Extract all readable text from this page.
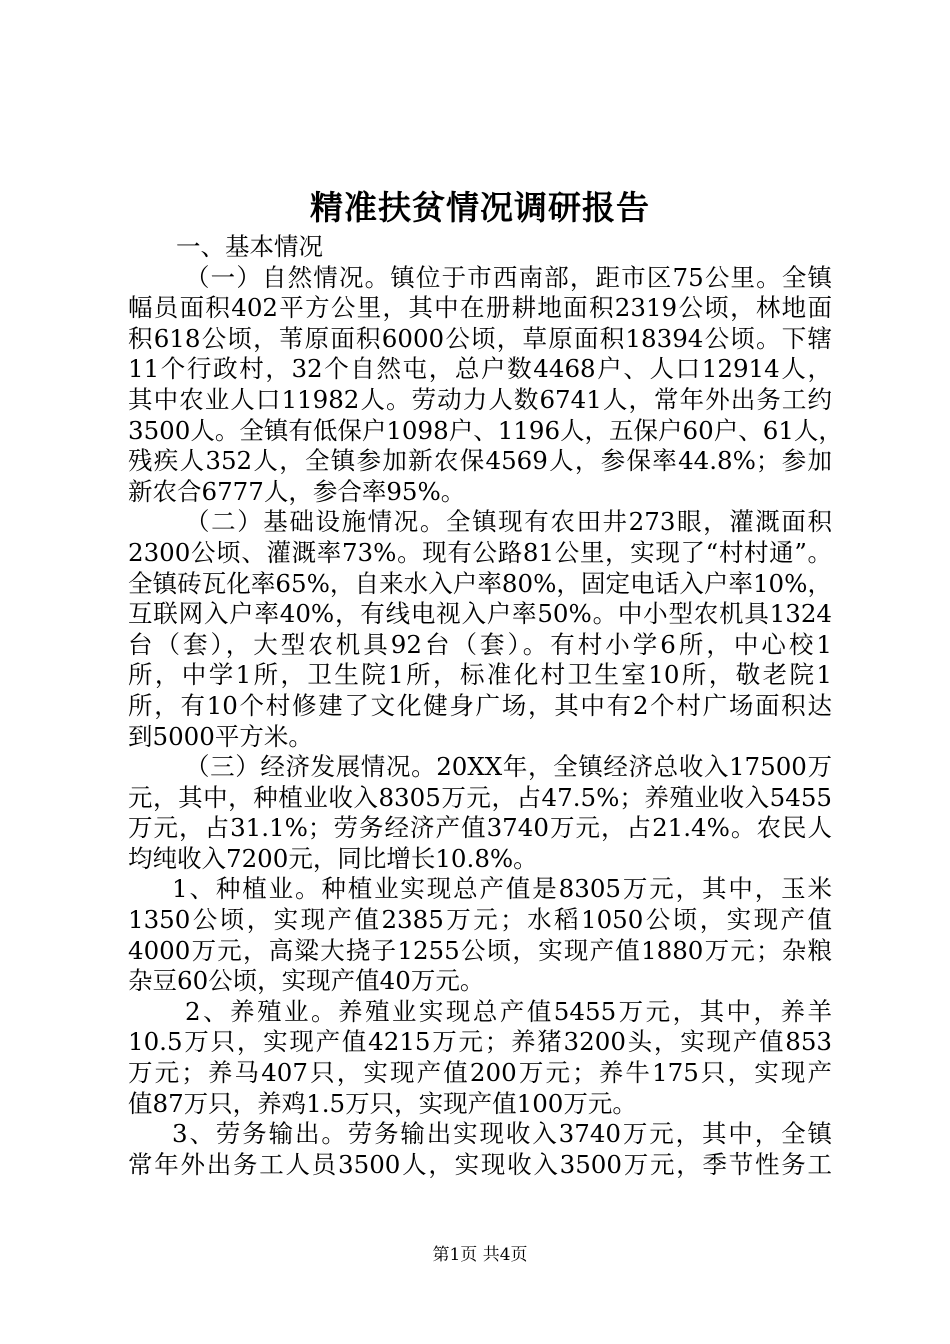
精准扶贫情况调研报告
一、基本情况
（一）自然情况。镇位于市西南部，距市区75公里。全镇
幅员面积402平方公里，其中在册耕地面积2319公顷，林地面
积618公顷，苇原面积6000公顷，草原面积18394公顷。下辖
11个行政村，32个自然屯，总户数4468户、人口12914人，
其中农业人口11982人。劳动力人数6741人，常年外出务工约
3500人。全镇有低保户1098户、1196人，五保户60户、61人，
残疾人352人，全镇参加新农保4569人，参保率44.8%；参加
新农合6777人，参合率95%。
（二）基础设施情况。全镇现有农田井273眼，灌溉面积
2300公顷、灌溉率73%。现有公路81公里，实现了“村村通”。
全镇砖瓦化率65%，自来水入户率80%，固定电话入户率10%，
互联网入户率40%，有线电视入户率50%。中小型农机具1324
台（套），大型农机具92台（套）。有村小学6所，中心校1
所，中学1所，卫生院1所，标准化村卫生室10所，敬老院1
所，有10个村修建了文化健身广场，其中有2个村广场面积达
到5000平方米。
（三）经济发展情况。20XX年，全镇经济总收入17500万
元，其中，种植业收入8305万元，占47.5%；养殖业收入5455
万元，占31.1%；劳务经济产值3740万元，占21.4%。农民人
均纯收入7200元，同比增长10.8%。
1、种植业。种植业实现总产值是8305万元，其中，玉米
1350公顷，实现产值2385万元；水稻1050公顷，实现产值
4000万元，高粱大挠子1255公顷，实现产值1880万元；杂粮
杂豆60公顷，实现产值40万元。
2、养殖业。养殖业实现总产值5455万元，其中，养羊
10.5万只，实现产值4215万元；养猪3200头，实现产值853
万元；养马407只，实现产值200万元；养牛175只，实现产
值87万只，养鸡1.5万只，实现产值100万元。
3、劳务输出。劳务输出实现收入3740万元，其中，全镇
常年外出务工人员3500人，实现收入3500万元，季节性务工
第1页 共4页
